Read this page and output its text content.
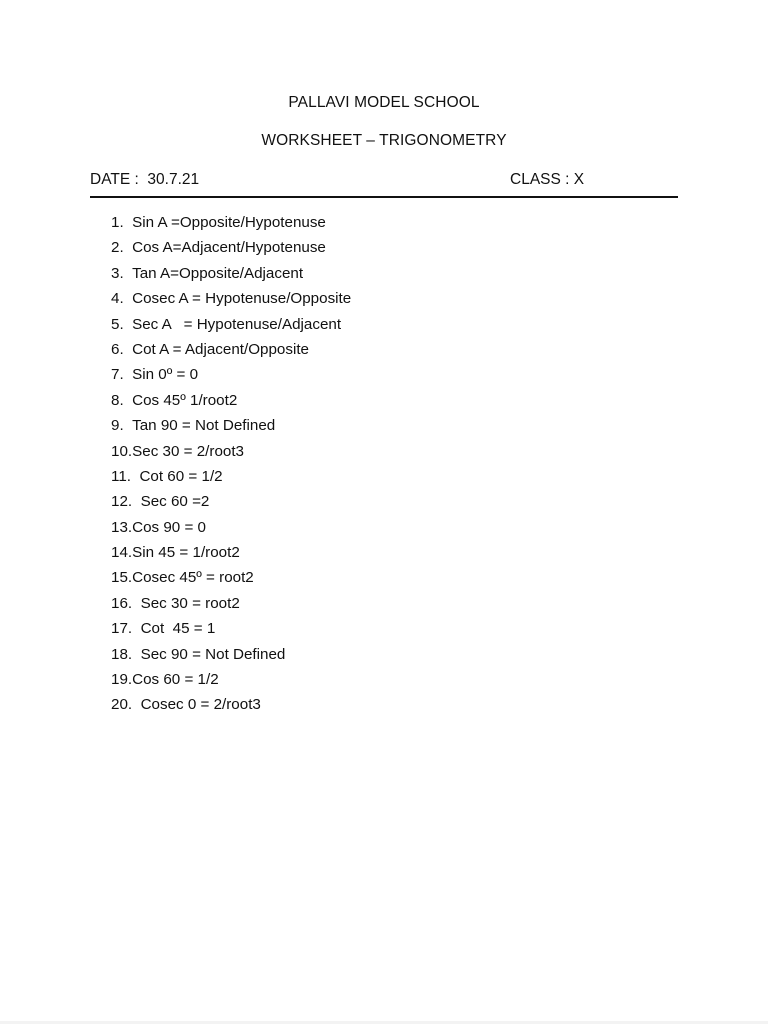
PALLAVI MODEL SCHOOL
WORKSHEET – TRIGONOMETRY
DATE :  30.7.21	CLASS : X
1.  Sin A =Opposite/Hypotenuse
2.  Cos A=Adjacent/Hypotenuse
3.  Tan A=Opposite/Adjacent
4.  Cosec A = Hypotenuse/Opposite
5.  Sec A   = Hypotenuse/Adjacent
6.  Cot A = Adjacent/Opposite
7.  Sin 0º = 0
8.  Cos 45º 1/root2
9.  Tan 90 = Not Defined
10.Sec 30 = 2/root3
11.  Cot 60 = 1/2
12.  Sec 60 =2
13.Cos 90 = 0
14.Sin 45 = 1/root2
15.Cosec 45º = root2
16.  Sec 30 = root2
17.  Cot  45 = 1
18.  Sec 90 = Not Defined
19.Cos 60 = 1/2
20.  Cosec 0 = 2/root3
